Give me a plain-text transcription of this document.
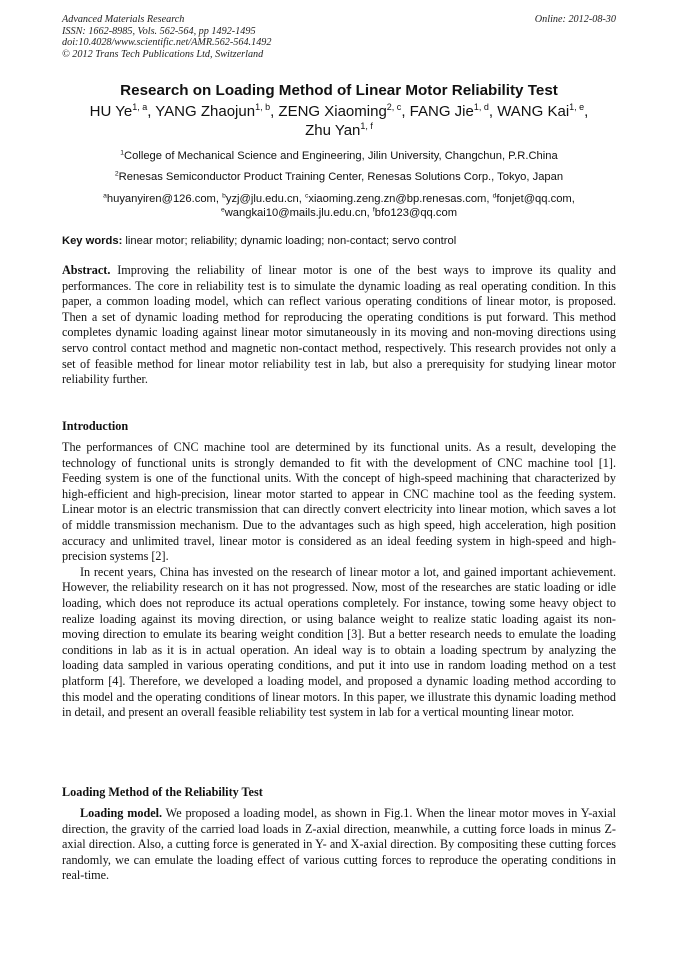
Advanced Materials Research
ISSN: 1662-8985, Vols. 562-564, pp 1492-1495
doi:10.4028/www.scientific.net/AMR.562-564.1492
© 2012 Trans Tech Publications Ltd, Switzerland
Online: 2012-08-30
Research on Loading Method of Linear Motor Reliability Test
HU Ye$^{1, a}$, YANG Zhaojun$^{1, b}$, ZENG Xiaoming$^{2, c}$, FANG Jie$^{1, d}$, WANG Kai$^{1, e}$,
Zhu Yan$^{1, f}$
$^1$College of Mechanical Science and Engineering, Jilin University, Changchun, P.R.China
$^2$Renesas Semiconductor Product Training Center, Renesas Solutions Corp., Tokyo, Japan
$^a$huyanyiren@126.com, $^b$yzj@jlu.edu.cn, $^c$xiaoming.zeng.zn@bp.renesas.com, $^d$fonjet@qq.com,
$^e$wangkai10@mails.jlu.edu.cn, $^f$bfo123@qq.com
Key words: linear motor; reliability; dynamic loading; non-contact; servo control

Abstract. Improving the reliability of linear motor is one of the best ways to improve its quality and performances. The core in reliability test is to simulate the dynamic loading as real operating condition. In this paper, a common loading model, which can reflect various operating conditions of linear motor, is proposed. Then a set of dynamic loading method for reproducing the operating conditions is put forward. This method completes dynamic loading against linear motor simutaneously in its moving and non-moving directions using servo control contact method and magnetic non-contact method, respectively. This research provides not only a set of feasible method for linear motor reliability test in lab, but also a prerequisity for studying linear motor reliability further.

Introduction

The performances of CNC machine tool are determined by its functional units. As a result, developing the technology of functional units is strongly demanded to fit with the development of CNC machine tool [1]. Feeding system is one of the functional units. With the concept of high-speed machining that characterized by high-efficient and high-precision, linear motor started to appear in CNC machine tool as the feeding system. Linear motor is an electric transmission that can directly convert electricity into linear motion, which saves a lot of middle transmission mechanism. Due to the advantages such as high speed, high acceleration, high position accuracy and unlimited travel, linear motor is considered as an ideal feeding system in high-speed and high-precision systems [2].

In recent years, China has invested on the research of linear motor a lot, and gained important achievement. However, the reliability research on it has not progressed. Now, most of the researches are static loading or idle loading, which does not reproduce its actual operations completely. For instance, towing some heavy object to realize loading against its moving direction, or using balance weight to realize static loading agaist its non-moving direction to emulate its bearing weight condition [3]. But a better research needs to emulate the loading conditions in lab as it is in actual operation. An ideal way is to obtain a loading spectrum by analyzing the loading data sampled in various operating conditions, and put it into use in random loading method on a test platform [4]. Therefore, we developed a loading model, and proposed a dynamic loading method according to this model and the operating conditions of linear motors. In this paper, we illustrate this dynamic loading method in detail, and present an overall feasible reliability test system in lab for a vertical mounting linear motor.

Loading Method of the Reliability Test

Loading model. We proposed a loading model, as shown in Fig.1. When the linear motor moves in Y-axial direction, the gravity of the carried load loads in Z-axial direction, meanwhile, a cutting force loads in minus Z-axial direction. Also, a cutting force is generated in Y- and X-axial direction. By compositing these cutting forces randomly, we can emulate the loading effect of various cutting forces to reproduce the operating conditions in real-time.
